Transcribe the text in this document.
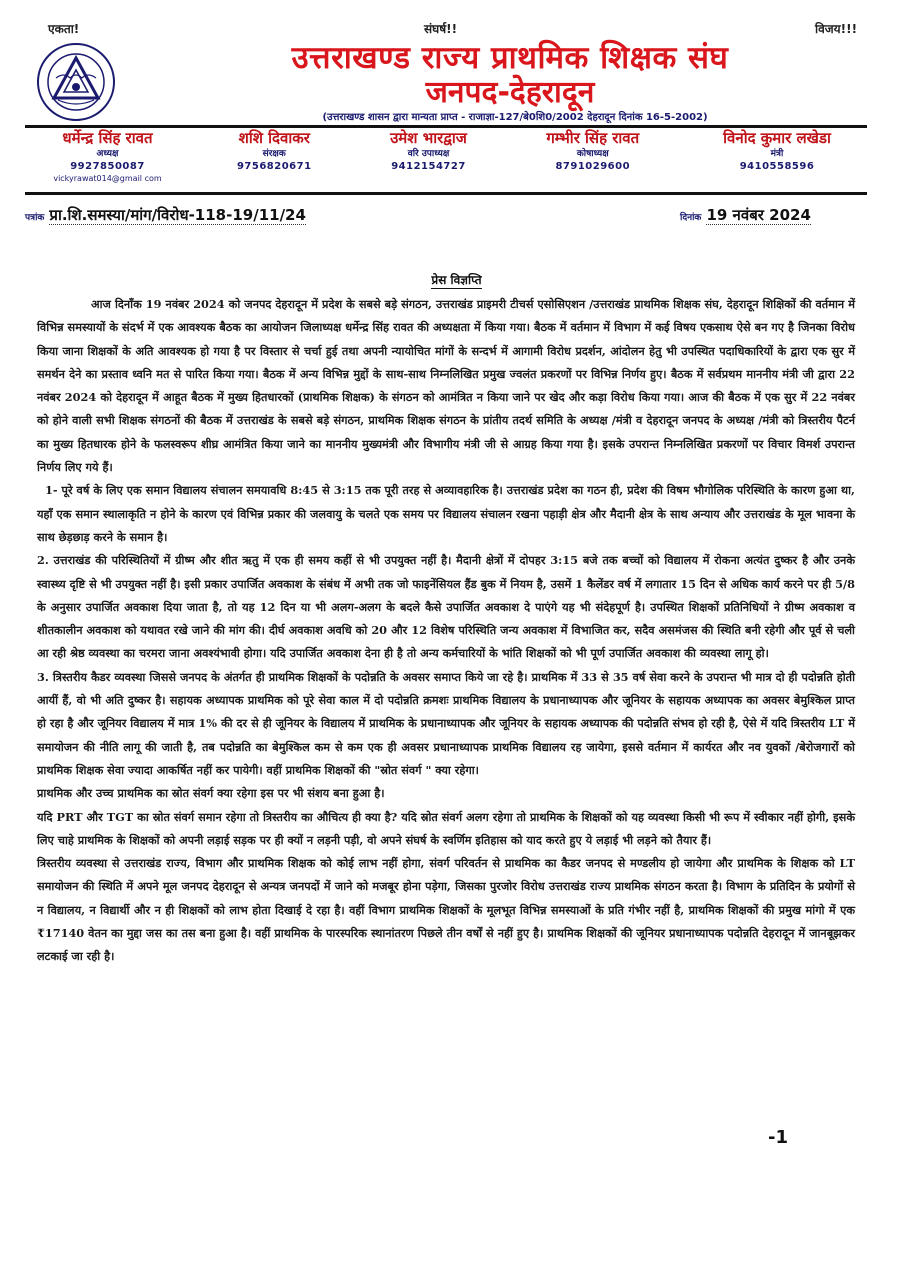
एकता!	संघर्ष!!	विजय!!!
उत्तराखण्ड राज्य प्राथमिक शिक्षक संघ
जनपद-देहरादून
(उत्तराखण्ड शासन द्वारा मान्यता प्राप्त - राजाज्ञा-127/बे0शि0/2002 देहरादून दिनांक 16-5-2002)
धर्मेन्द्र सिंह रावत
अध्यक्ष
9927850087
vickyrawat014@gmail com
शशि दिवाकर
संरक्षक
9756820671
उमेश भारद्वाज
वरि उपाध्यक्ष
9412154727
गम्भीर सिंह रावत
कोषाध्यक्ष
8791029600
विनोद कुमार लखेडा
मंत्री
9410558596
पत्रांक प्रा.शि.समस्या/मांग/विरोध-118-19/11/24	दिनांक 19 नवंबर 2024
प्रेस विज्ञप्ति

आज दिनाँक 19 नवंबर 2024 को जनपद देहरादून में प्रदेश के सबसे बड़े संगठन, उत्तराखंड प्राइमरी टीचर्स एसोसिएशन /उत्तराखंड प्राथमिक शिक्षक संघ, देहरादून शिक्षिकों की वर्तमान में विभिन्न समस्यायों के संदर्भ में एक आवश्यक बैठक का आयोजन जिलाध्यक्ष धर्मेन्द्र सिंह रावत की अध्यक्षता में किया गया। बैठक में वर्तमान में विभाग में कई विषय एकसाथ ऐसे बन गए है जिनका विरोध किया जाना शिक्षकों के अति आवश्यक हो गया है पर विस्तार से चर्चा हुई तथा अपनी न्यायोचित मांगों के सन्दर्भ में आगामी विरोध प्रदर्शन, आंदोलन हेतु भी उपस्थित पदाधिकारियों के द्वारा एक सुर में समर्थन देने का प्रस्ताव ध्वनि मत से पारित किया गया। बैठक में अन्य विभिन्न मुद्दों के साथ-साथ निम्नलिखित प्रमुख ज्वलंत प्रकरणों पर विभिन्न निर्णय हुए। बैठक में सर्वप्रथम माननीय मंत्री जी द्वारा 22 नवंबर 2024 को देहरादून में आहूत बैठक में मुख्य हितधारकों (प्राथमिक शिक्षक) के संगठन को आमंत्रित न किया जाने पर खेद और कड़ा विरोध किया गया। आज की बैठक में एक सुर में 22 नवंबर को होने वाली सभी शिक्षक संगठनों की बैठक में उत्तराखंड के सबसे बड़े संगठन, प्राथमिक शिक्षक संगठन के प्रांतीय तदर्थ समिति के अध्यक्ष /मंत्री व देहरादून जनपद के अध्यक्ष /मंत्री को त्रिस्तरीय पैटर्न का मुख्य हितधारक होने के फलस्वरूप शीघ्र आमंत्रित किया जाने का माननीय मुख्यमंत्री और विभागीय मंत्री जी से आग्रह किया गया है। इसके उपरान्त निम्नलिखित प्रकरणों पर विचार विमर्श उपरान्त निर्णय लिए गये हैं।

1- पूरे वर्ष के लिए एक समान विद्यालय संचालन समयावधि 8:45 से 3:15 तक पूरी तरह से अव्यावहारिक है। उत्तराखंड प्रदेश का गठन ही, प्रदेश की विषम भौगोलिक परिस्थिति के कारण हुआ था, यहाँ एक समान स्थालाकृति न होने के कारण एवं विभिन्न प्रकार की जलवायु के चलते एक समय पर विद्यालय संचालन रखना पहाड़ी क्षेत्र और मैदानी क्षेत्र के साथ अन्याय और उत्तराखंड के मूल भावना के साथ छेड़छाड़ करने के समान है।

2. उत्तराखंड की परिस्थितियों में ग्रीष्म और शीत ऋतु में एक ही समय कहीं से भी उपयुक्त नहीं है। मैदानी क्षेत्रों में दोपहर 3:15 बजे तक बच्चों को विद्यालय में रोकना अत्यंत दुष्कर है और उनके स्वास्थ्य दृष्टि से भी उपयुक्त नहीं है। इसी प्रकार उपार्जित अवकाश के संबंध में अभी तक जो फाइनेंसियल हैंड बुक में नियम है, उसमें 1 कैलेंडर वर्ष में लगातार 15 दिन से अधिक कार्य करने पर ही 5/8 के अनुसार उपार्जित अवकाश दिया जाता है, तो यह 12 दिन या भी अलग-अलग के बदले कैसे उपार्जित अवकाश दे पाएंगे यह भी संदेहपूर्ण है। उपस्थित शिक्षकों प्रतिनिधियों ने ग्रीष्म अवकाश व शीतकालीन अवकाश को यथावत रखे जाने की मांग की। दीर्घ अवकाश अवधि को 20 और 12 विशेष परिस्थिति जन्य अवकाश में विभाजित कर, सदैव असमंजस की स्थिति बनी रहेगी और पूर्व से चली आ रही श्रेष्ठ व्यवस्था का चरमरा जाना अवश्यंभावी होगा। यदि उपार्जित अवकाश देना ही है तो अन्य कर्मचारियों के भांति शिक्षकों को भी पूर्ण उपार्जित अवकाश की व्यवस्था लागू हो।

3. त्रिस्तरीय कैडर व्यवस्था जिससे जनपद के अंतर्गत ही प्राथमिक शिक्षकों के पदोन्नति के अवसर समाप्त किये जा रहे है। प्राथमिक में 33 से 35 वर्ष सेवा करने के उपरान्त भी मात्र दो ही पदोन्नति होती आयीं हैं, वो भी अति दुष्कर है। सहायक अध्यापक प्राथमिक को पूरे सेवा काल में दो पदोन्नति क्रमशः प्राथमिक विद्यालय के प्रधानाध्यापक और जूनियर के सहायक अध्यापक का अवसर बेमुश्किल प्राप्त हो रहा है और जूनियर विद्यालय में मात्र 1% की दर से ही जूनियर के विद्यालय में प्राथमिक के प्रधानाध्यापक और जूनियर के सहायक अध्यापक की पदोन्नति संभव हो रही है, ऐसे में यदि त्रिस्तरीय LT में समायोजन की नीति लागू की जाती है, तब पदोन्नति का बेमुश्किल कम से कम एक ही अवसर प्रधानाध्यापक प्राथमिक विद्यालय रह जायेगा, इससे वर्तमान में कार्यरत और नव युवकों /बेरोजगारों को प्राथमिक शिक्षक सेवा ज्यादा आकर्षित नहीं कर पायेगी। वहीं प्राथमिक शिक्षकों की "स्रोत संवर्ग " क्या रहेगा।

प्राथमिक और उच्च प्राथमिक का स्रोत संवर्ग क्या रहेगा इस पर भी संशय बना हुआ है।

यदि PRT और TGT का स्रोत संवर्ग समान रहेगा तो त्रिस्तरीय का औचित्य ही क्या है? यदि स्रोत संवर्ग अलग रहेगा तो प्राथमिक के शिक्षकों को यह व्यवस्था किसी भी रूप में स्वीकार नहीं होगी, इसके लिए चाहे प्राथमिक के शिक्षकों को अपनी लड़ाई सड़क पर ही क्यों न लड़नी पड़ी, वो अपने संघर्ष के स्वर्णिम इतिहास को याद करते हुए ये लड़ाई भी लड़ने को तैयार हैं।

त्रिस्तरीय व्यवस्था से उत्तराखंड राज्य, विभाग और प्राथमिक शिक्षक को कोई लाभ नहीं होगा, संवर्ग परिवर्तन से प्राथमिक का कैडर जनपद से मण्डलीय हो जायेगा और प्राथमिक के शिक्षक को LT समायोजन की स्थिति में अपने मूल जनपद देहरादून से अन्यत्र जनपदों में जाने को मजबूर होना पड़ेगा, जिसका पुरजोर विरोध उत्तराखंड राज्य प्राथमिक संगठन करता है। विभाग के प्रतिदिन के प्रयोगों से न विद्यालय, न विद्यार्थी और न ही शिक्षकों को लाभ होता दिखाई दे रहा है। वहीं विभाग प्राथमिक शिक्षकों के मूलभूत विभिन्न समस्याओं के प्रति गंभीर नहीं है, प्राथमिक शिक्षकों की प्रमुख मांगो में एक ₹17140 वेतन का मुद्दा जस का तस बना हुआ है। वहीं प्राथमिक के पारस्परिक स्थानांतरण पिछले तीन वर्षों से नहीं हुए है। प्राथमिक शिक्षकों की जूनियर प्रधानाध्यापक पदोन्नति देहरादून में जानबूझकर लटकाई जा रही है।

-1
